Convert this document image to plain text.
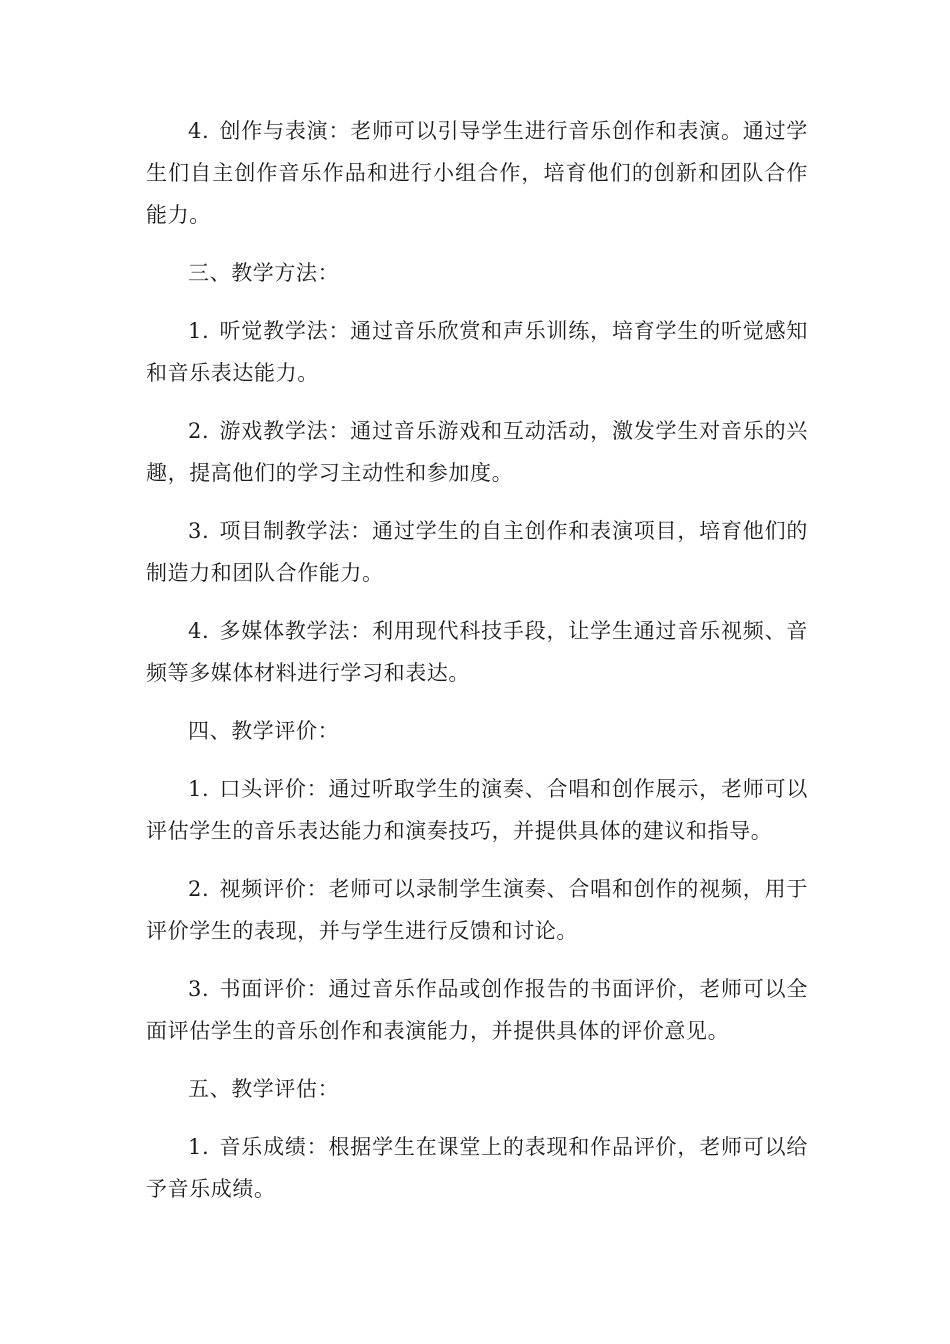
4. 创作与表演：老师可以引导学生进行音乐创作和表演。通过学生们自主创作音乐作品和进行小组合作，培育他们的创新和团队合作能力。

三、教学方法：

1. 听觉教学法：通过音乐欣赏和声乐训练，培育学生的听觉感知和音乐表达能力。

2. 游戏教学法：通过音乐游戏和互动活动，激发学生对音乐的兴趣，提高他们的学习主动性和参加度。

3. 项目制教学法：通过学生的自主创作和表演项目，培育他们的制造力和团队合作能力。

4. 多媒体教学法：利用现代科技手段，让学生通过音乐视频、音频等多媒体材料进行学习和表达。

四、教学评价：

1. 口头评价：通过听取学生的演奏、合唱和创作展示，老师可以评估学生的音乐表达能力和演奏技巧，并提供具体的建议和指导。

2. 视频评价：老师可以录制学生演奏、合唱和创作的视频，用于评价学生的表现，并与学生进行反馈和讨论。

3. 书面评价：通过音乐作品或创作报告的书面评价，老师可以全面评估学生的音乐创作和表演能力，并提供具体的评价意见。

五、教学评估：

1. 音乐成绩：根据学生在课堂上的表现和作品评价，老师可以给予音乐成绩。
